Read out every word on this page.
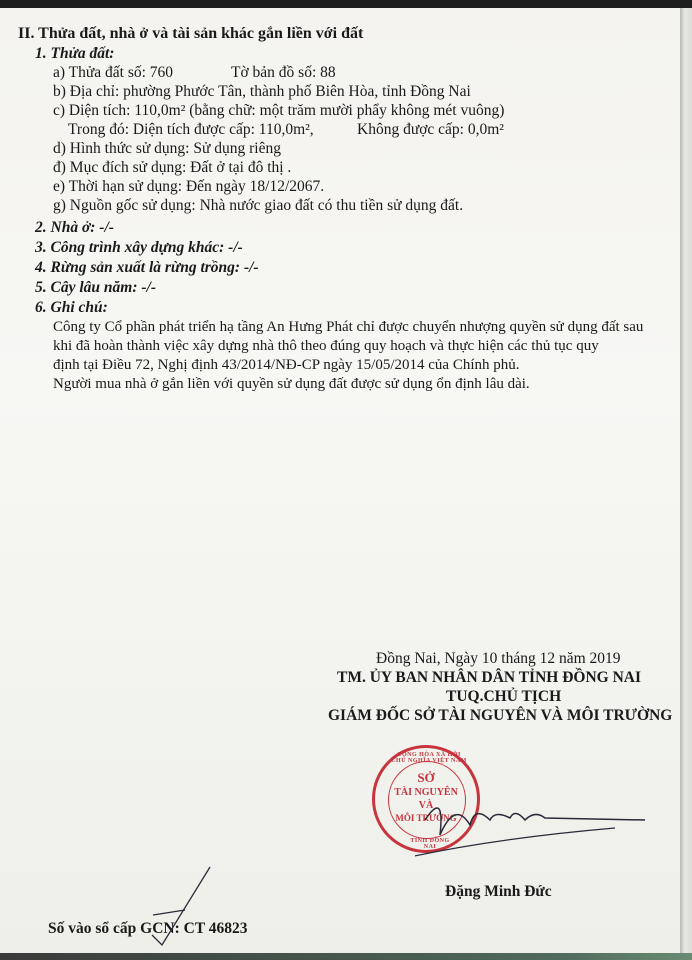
II. Thửa đất, nhà ở và tài sản khác gắn liền với đất
1. Thửa đất:
a) Thửa đất số: 760	Tờ bản đồ số: 88
b) Địa chỉ: phường Phước Tân, thành phố Biên Hòa, tỉnh Đồng Nai
c) Diện tích: 110,0m² (bằng chữ: một trăm mười phẩy không mét vuông)
Trong đó: Diện tích được cấp: 110,0m²,	Không được cấp: 0,0m²
d) Hình thức sử dụng: Sử dụng riêng
đ) Mục đích sử dụng: Đất ở tại đô thị .
e) Thời hạn sử dụng: Đến ngày 18/12/2067.
g) Nguồn gốc sử dụng: Nhà nước giao đất có thu tiền sử dụng đất.
2. Nhà ở: -/-
3. Công trình xây dựng khác: -/-
4. Rừng sản xuất là rừng trồng: -/-
5. Cây lâu năm: -/-
6. Ghi chú:
Công ty Cổ phần phát triển hạ tầng An Hưng Phát chỉ được chuyển nhượng quyền sử dụng đất sau
khi đã hoàn thành việc xây dựng nhà thô theo đúng quy hoạch và thực hiện các thủ tục quy
định tại Điều 72, Nghị định 43/2014/NĐ-CP ngày 15/05/2014 của Chính phủ.
Người mua nhà ở gắn liền với quyền sử dụng đất được sử dụng ổn định lâu dài.
Đồng Nai, Ngày 10 tháng 12 năm 2019
TM. ỦY BAN NHÂN DÂN TỈNH ĐỒNG NAI
TUQ.CHỦ TỊCH
GIÁM ĐỐC SỞ TÀI NGUYÊN VÀ MÔI TRƯỜNG
CỘNG HÒA XÃ HỘI CHỦ NGHĨA VIỆT NAM
SỞ
TÀI NGUYÊN
VÀ
MÔI TRƯỜNG
TỈNH ĐỒNG NAI
Đặng Minh Đức
Số vào sổ cấp GCN: CT 46823
